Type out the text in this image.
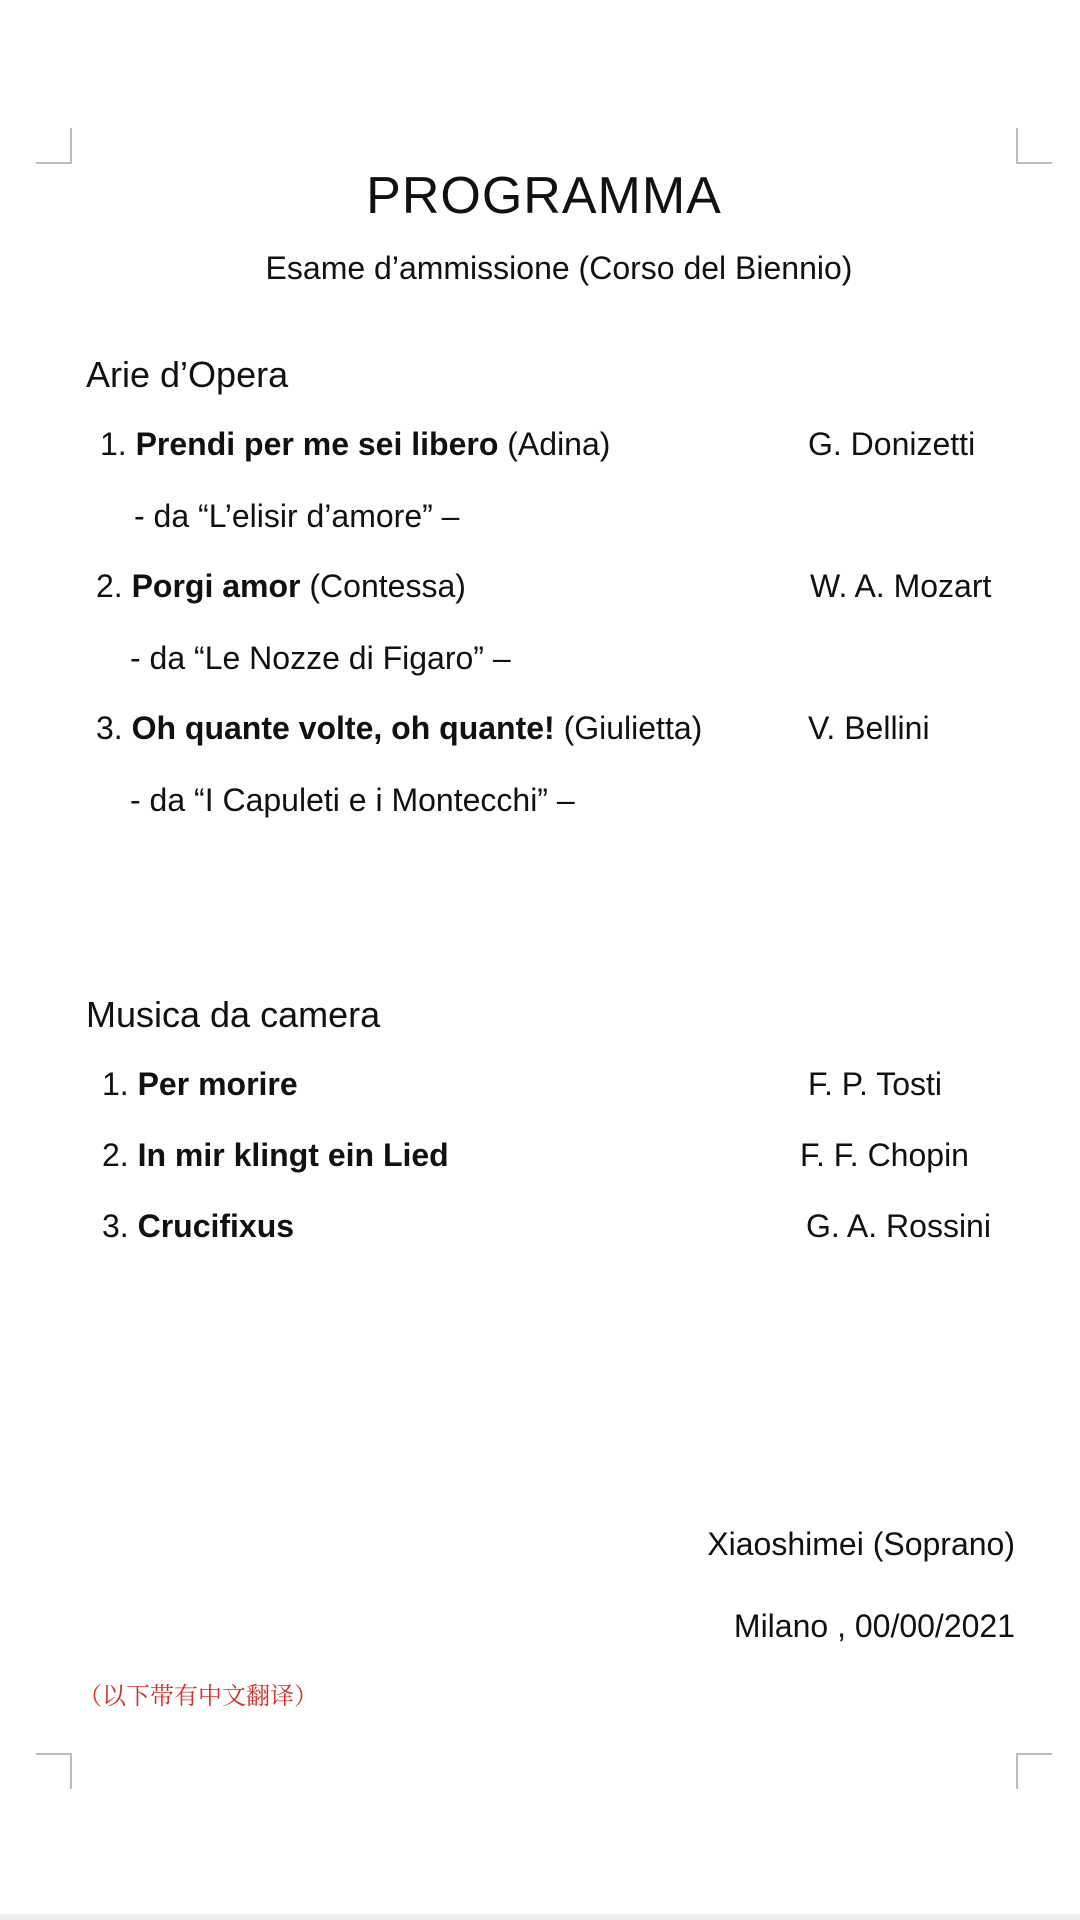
PROGRAMMA
Esame d’ammissione (Corso del Biennio)
Arie d’Opera
1. Prendi per me sei libero (Adina)	G. Donizetti
- da “L’elisir d’amore” –
2. Porgi amor (Contessa)	W. A. Mozart
- da “Le Nozze di Figaro” –
3. Oh quante volte, oh quante! (Giulietta)	V. Bellini
- da “I Capuleti e i Montecchi” –
Musica da camera
1. Per morire	F. P. Tosti
2. In mir klingt ein Lied	F. F. Chopin
3. Crucifixus	G. A. Rossini
Xiaoshimei (Soprano)
Milano , 00/00/2021
（以下带有中文翻译）
